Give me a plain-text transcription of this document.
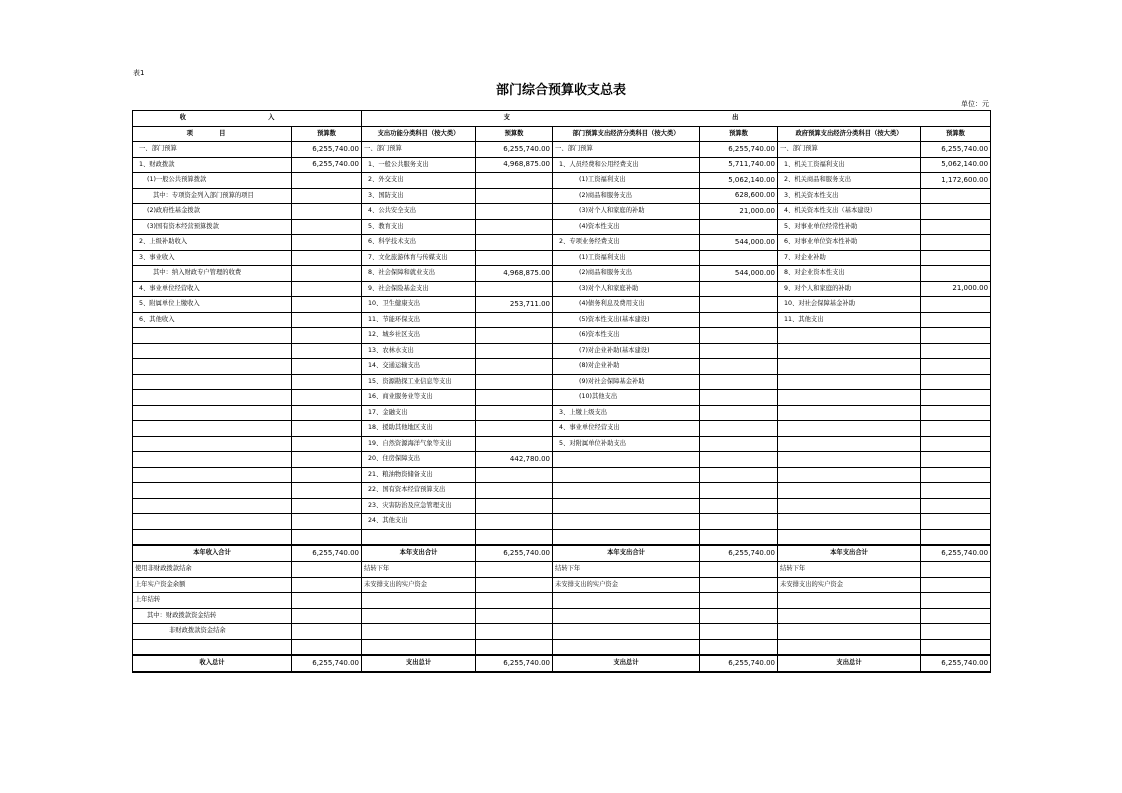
表1
部门综合预算收支总表
单位：元
收 入		支 出					
项 目	预算数	支出功能分类科目（按大类）	预算数	部门预算支出经济分类科目（按大类）	预算数	政府预算支出经济分类科目（按大类）	预算数
一、部门预算	6,255,740.00	一、部门预算	6,255,740.00	一、部门预算	6,255,740.00	一、部门预算	6,255,740.00
1、财政拨款	6,255,740.00	1、一般公共服务支出	4,968,875.00	1、人员经费和公用经费支出	5,711,740.00	1、机关工资福利支出	5,062,140.00
(1)一般公共预算拨款		2、外交支出		(1)工资福利支出	5,062,140.00	2、机关商品和服务支出	1,172,600.00
其中：专项资金列入部门预算的项目		3、国防支出		(2)商品和服务支出	628,600.00	3、机关资本性支出	
(2)政府性基金拨款		4、公共安全支出		(3)对个人和家庭的补助	21,000.00	4、机关资本性支出（基本建设）	
(3)国有资本经营预算拨款		5、教育支出		(4)资本性支出		5、对事业单位经常性补助	
2、上级补助收入		6、科学技术支出		2、专项业务经费支出	544,000.00	6、对事业单位资本性补助	
3、事业收入		7、文化旅游体育与传媒支出		(1)工资福利支出		7、对企业补助	
其中：纳入财政专户管理的收费		8、社会保障和就业支出	4,968,875.00	(2)商品和服务支出	544,000.00	8、对企业资本性支出	
4、事业单位经营收入		9、社会保险基金支出		(3)对个人和家庭补助		9、对个人和家庭的补助	21,000.00
5、附属单位上缴收入		10、卫生健康支出	253,711.00	(4)债务利息及费用支出		10、对社会保障基金补助	
6、其他收入		11、节能环保支出		(5)资本性支出(基本建设)		11、其他支出	
		12、城乡社区支出		(6)资本性支出			
		13、农林水支出		(7)对企业补助(基本建设)			
		14、交通运输支出		(8)对企业补助			
		15、资源勘探工业信息等支出		(9)对社会保障基金补助			
		16、商业服务业等支出		(10)其他支出			
		17、金融支出		3、上缴上级支出			
		18、援助其他地区支出		4、事业单位经营支出			
		19、自然资源海洋气象等支出		5、对附属单位补助支出			
		20、住房保障支出	442,780.00				
		21、粮油物资储备支出					
		22、国有资本经营预算支出					
		23、灾害防治及应急管理支出					
		24、其他支出					

本年收入合计	6,255,740.00	本年支出合计	6,255,740.00	本年支出合计	6,255,740.00	本年支出合计	6,255,740.00
使用非财政拨款结余		结转下年		结转下年		结转下年	
上年实户资金余额		未安排支出的实户资金		未安排支出的实户资金		未安排支出的实户资金	
上年结转							
其中：财政拨款资金结转							
非财政拨款资金结余							

收入总计	6,255,740.00	支出总计	6,255,740.00	支出总计	6,255,740.00	支出总计	6,255,740.00
